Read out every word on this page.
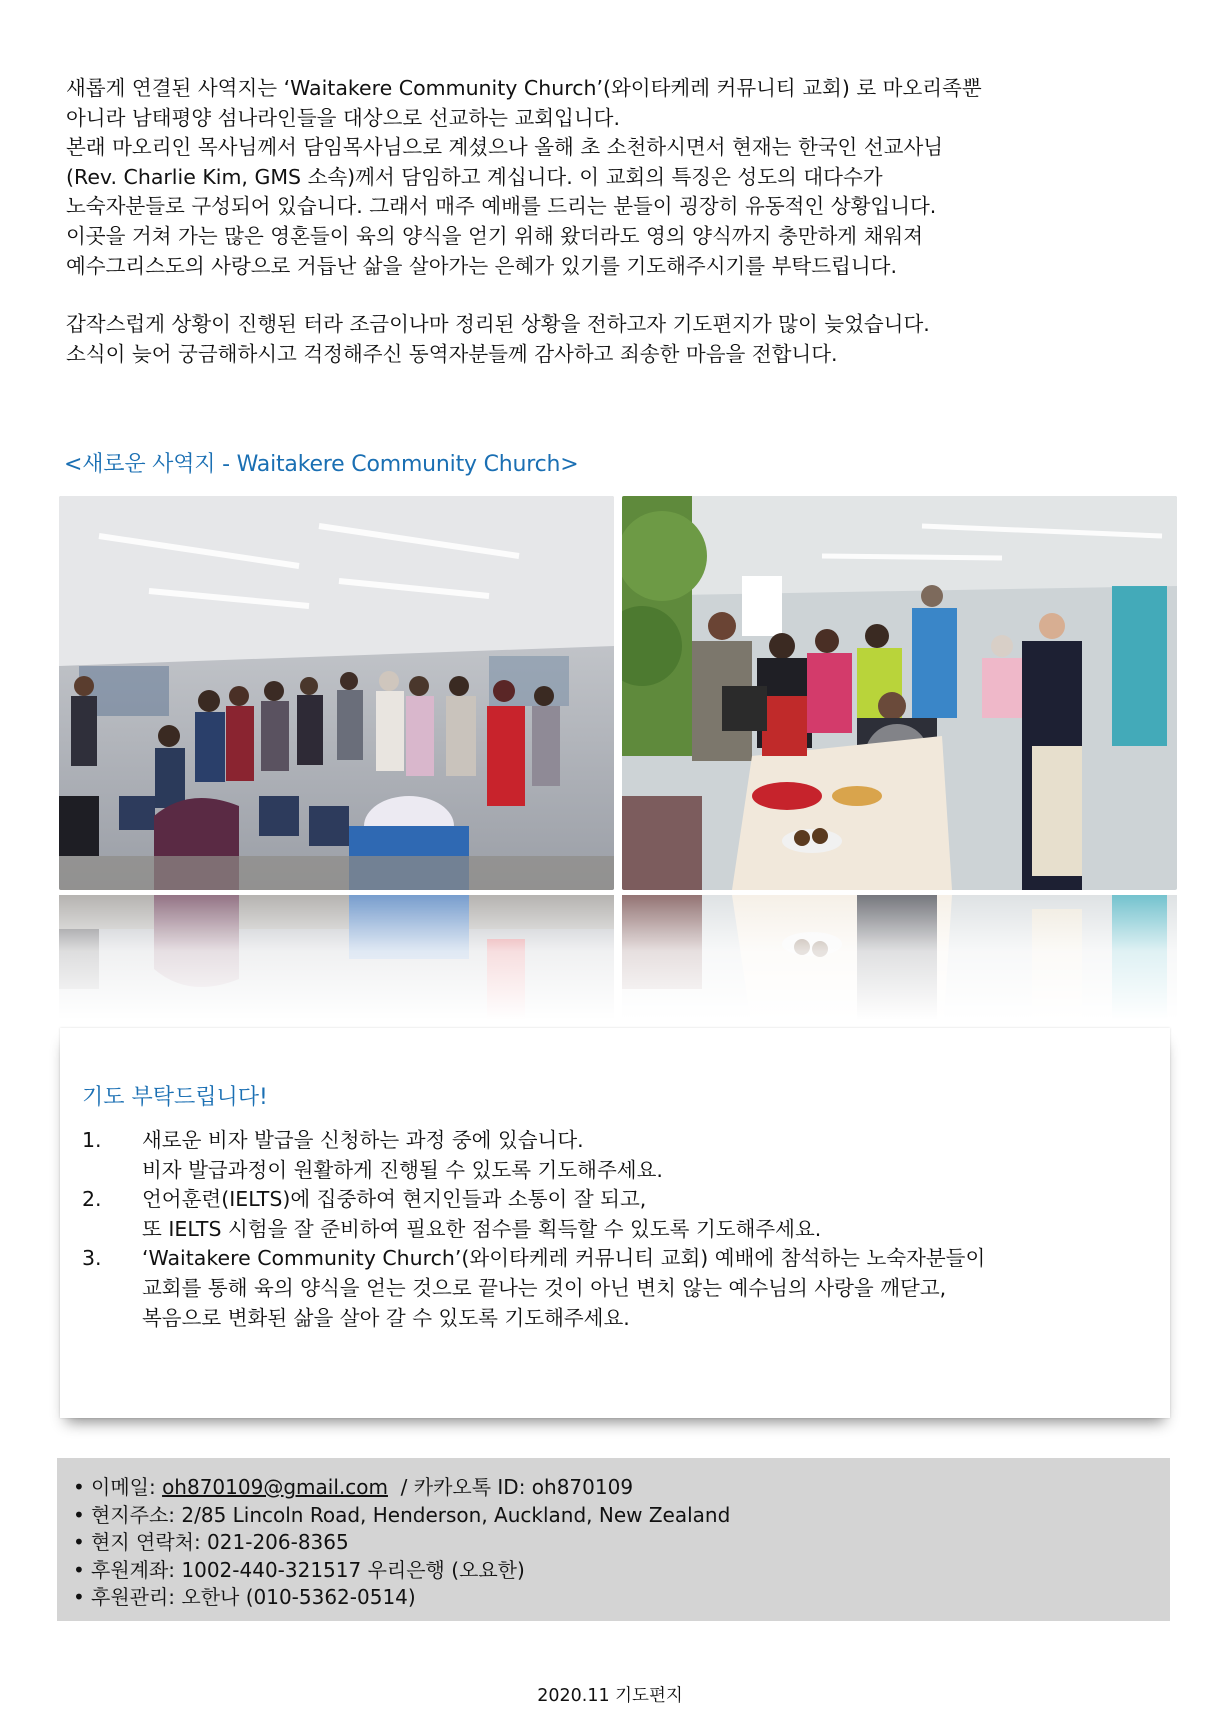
새롭게 연결된 사역지는 ‘Waitakere Community Church’(와이타케레 커뮤니티 교회) 로 마오리족뿐

아니라 남태평양 섬나라인들을 대상으로 선교하는 교회입니다.

본래 마오리인 목사님께서 담임목사님으로 계셨으나 올해 초 소천하시면서 현재는 한국인 선교사님

(Rev. Charlie Kim, GMS 소속)께서 담임하고 계십니다. 이 교회의 특징은 성도의 대다수가

노숙자분들로 구성되어 있습니다. 그래서 매주 예배를 드리는 분들이 굉장히 유동적인 상황입니다.

이곳을 거쳐 가는 많은 영혼들이 육의 양식을 얻기 위해 왔더라도 영의 양식까지 충만하게 채워져

예수그리스도의 사랑으로 거듭난 삶을 살아가는 은혜가 있기를 기도해주시기를 부탁드립니다.

갑작스럽게 상황이 진행된 터라 조금이나마 정리된 상황을 전하고자 기도편지가 많이 늦었습니다.

소식이 늦어 궁금해하시고 걱정해주신 동역자분들께 감사하고 죄송한 마음을 전합니다.

<새로운 사역지 - Waitakere Community Church>
기도 부탁드립니다!
1. 새로운 비자 발급을 신청하는 과정 중에 있습니다.
비자 발급과정이 원활하게 진행될 수 있도록 기도해주세요.
2. 언어훈련(IELTS)에 집중하여 현지인들과 소통이 잘 되고,
또 IELTS 시험을 잘 준비하여 필요한 점수를 획득할 수 있도록 기도해주세요.
3. ‘Waitakere Community Church’(와이타케레 커뮤니티 교회) 예배에 참석하는 노숙자분들이
교회를 통해 육의 양식을 얻는 것으로 끝나는 것이 아닌 변치 않는 예수님의 사랑을 깨닫고,
복음으로 변화된 삶을 살아 갈 수 있도록 기도해주세요.
• 이메일: oh870109@gmail.com  / 카카오톡 ID: oh870109
• 현지주소: 2/85 Lincoln Road, Henderson, Auckland, New Zealand
• 현지 연락처: 021-206-8365
• 후원계좌: 1002-440-321517 우리은행 (오요한)
• 후원관리: 오한나 (010-5362-0514)
2020.11 기도편지
